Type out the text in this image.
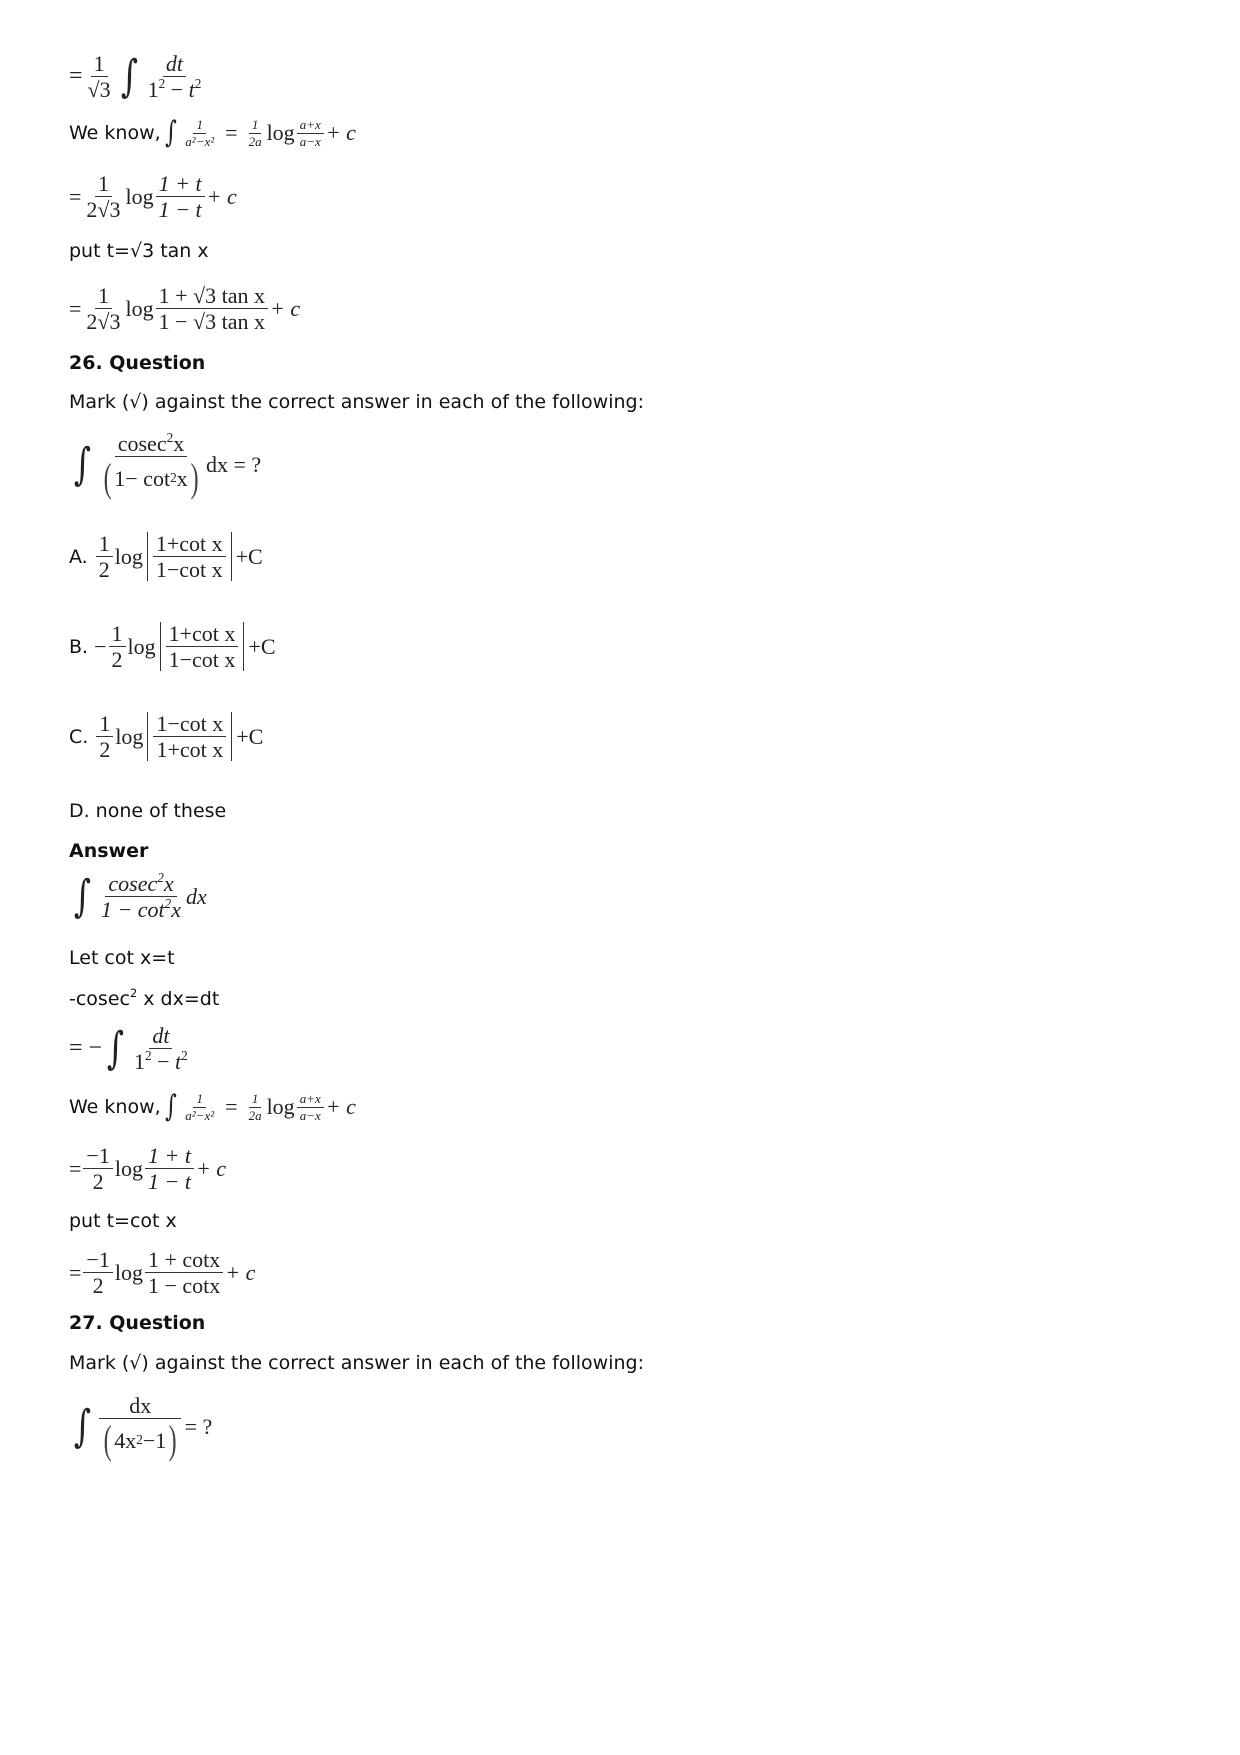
= $\frac{1}{√3}$ ∫ $\frac{dt}{1^2 - t^2}$
We know, ∫ $\frac{1}{\text{a²−x²}} = \frac{1}{2a}$ $\log \frac{a+x}{a-x} + c$
= $\frac{1}{2√3}$ $\log \frac{1 + t}{1 - t} + c$
put t=√3 tan x
= $\frac{1}{2√3}$ $\log \frac{\text{1 + √3 tan x}}{\text{1 − √3 tan x}} + c$
26. Question
Mark (√) against the correct answer in each of the following:
∫ $\frac{cosec^2x}{( 1- \cot 2 x )}$ dx = ?
A. $\frac{1}{2}$ $\log \frac{\text{1+cot x}}{\text{1−cot x}} +C$
B. − $\frac{1}{2}$ $\log \frac{\text{1+cot x}}{\text{1−cot x}} +C$
C. $\frac{1}{2}$ $\log \frac{\text{1−cot x}}{\text{1+cot x}} +C$
D. none of these
Answer
∫ $\frac{cosec^2x}{1 - \cot^2x}$ dx
Let cot x=t
-cosec$^2$ x dx=dt
= − ∫ $\frac{dt}{1^2 - t^2}$
We know, ∫ $\frac{1}{\text{a²−x²}} = \frac{1}{2a}$ $\log \frac{a+x}{a-x} + c$
= $\frac{-1}{2}$ $\log \frac{1 + t}{1 - t} + c$
put t=cot x
= $\frac{-1}{2}$ $\log \frac{1 + \cot x}{1 - \cot x} + c$
27. Question
Mark (√) against the correct answer in each of the following:
∫ $\frac{dx}{( 4x 2 -1 )}$ = ?
